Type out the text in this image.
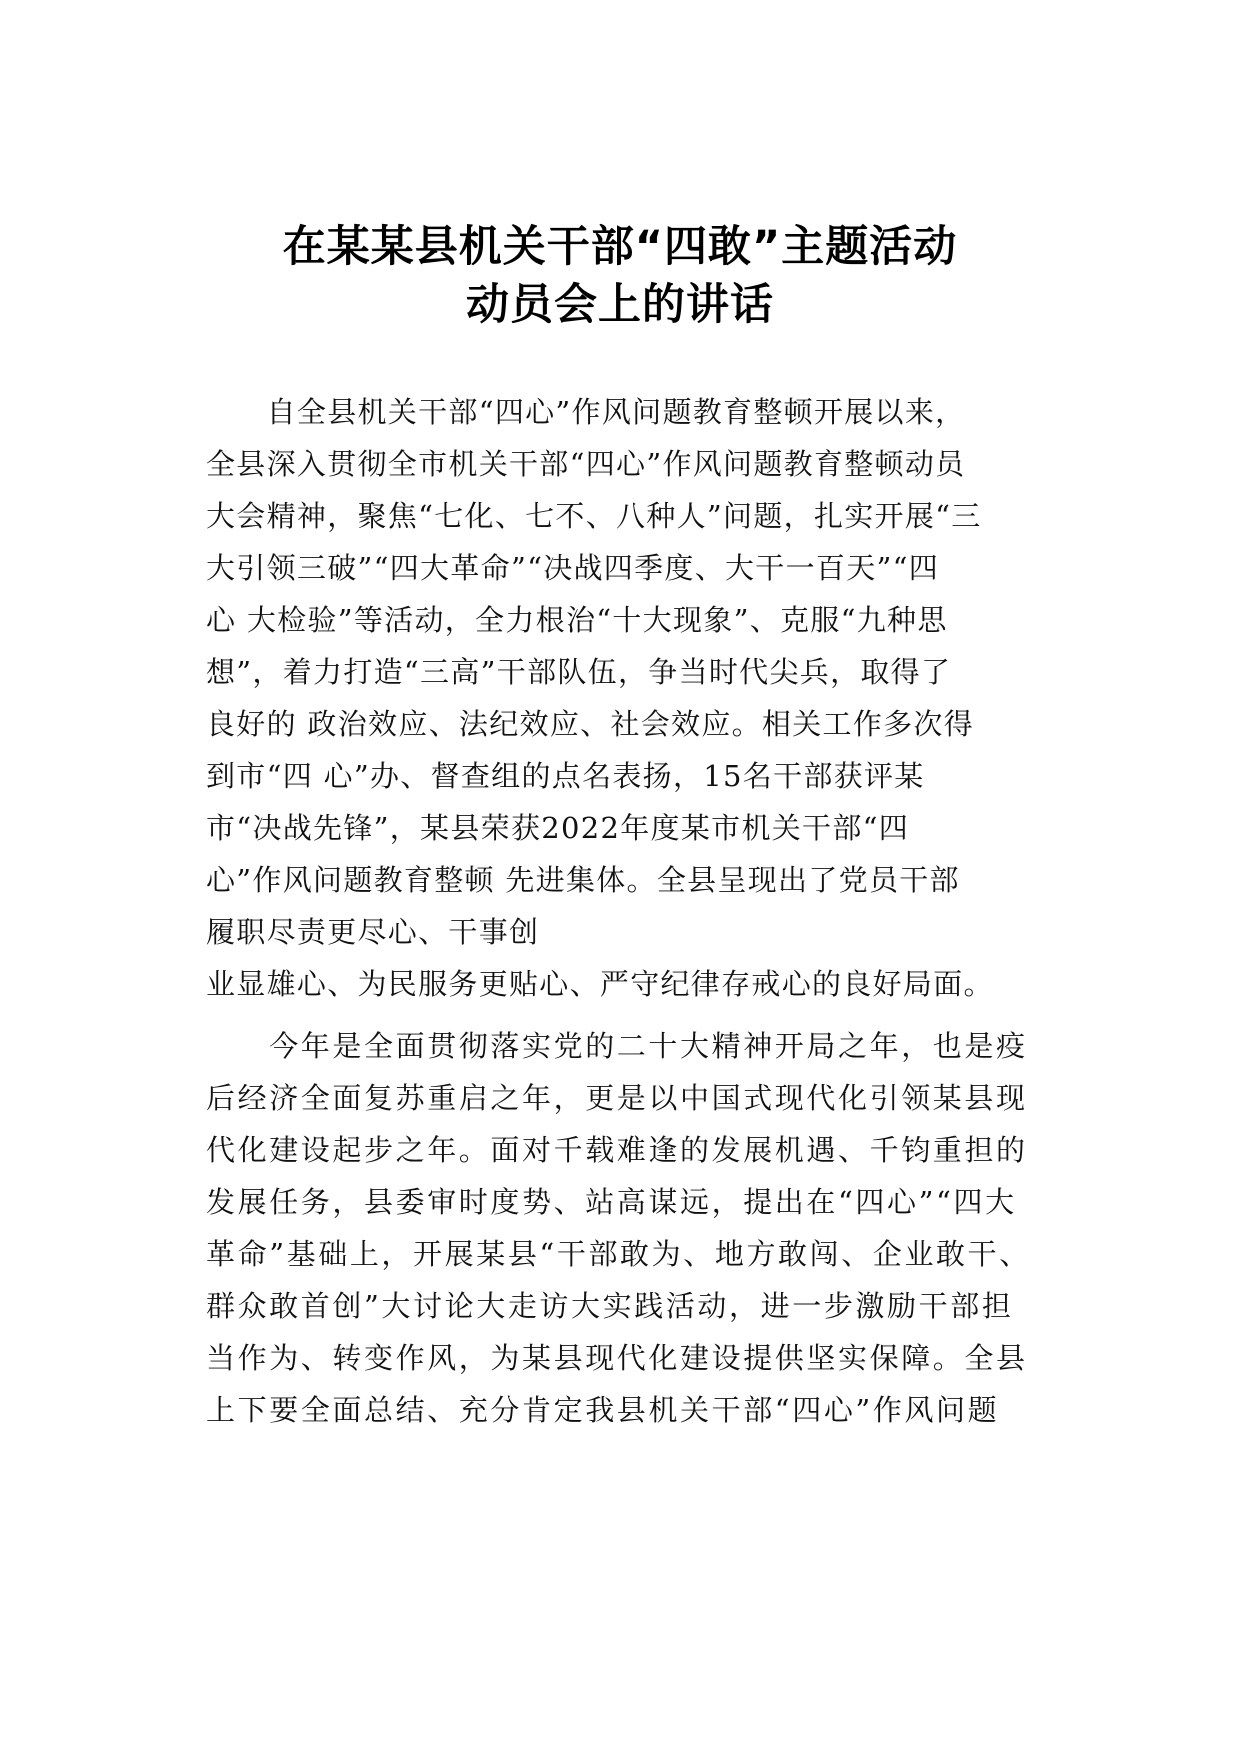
在某某县机关干部“四敢”主题活动
动员会上的讲话
　　自全县机关干部“四心”作风问题教育整顿开展以来，
全县深入贯彻全市机关干部“四心”作风问题教育整顿动员
大会精神，聚焦“七化、七不、八种人”问题，扎实开展“三
大引领三破”“四大革命”“决战四季度、大干一百天”“四
心 大检验”等活动，全力根治“十大现象”、克服“九种思
想”，着力打造“三高”干部队伍，争当时代尖兵，取得了
良好的 政治效应、法纪效应、社会效应。相关工作多次得
到市“四 心”办、督查组的点名表扬，15名干部获评某
市“决战先锋”，某县荣获2022年度某市机关干部“四
心”作风问题教育整顿 先进集体。全县呈现出了党员干部
履职尽责更尽心、干事创
业显雄心、为民服务更贴心、严守纪律存戒心的良好局面。
　　今年是全面贯彻落实党的二十大精神开局之年，也是疫
后经济全面复苏重启之年，更是以中国式现代化引领某县现
代化建设起步之年。面对千载难逢的发展机遇、千钧重担的
发展任务，县委审时度势、站高谋远，提出在“四心”“四大
革命”基础上，开展某县“干部敢为、地方敢闯、企业敢干、
群众敢首创”大讨论大走访大实践活动，进一步激励干部担
当作为、转变作风，为某县现代化建设提供坚实保障。全县
上下要全面总结、充分肯定我县机关干部“四心”作风问题
